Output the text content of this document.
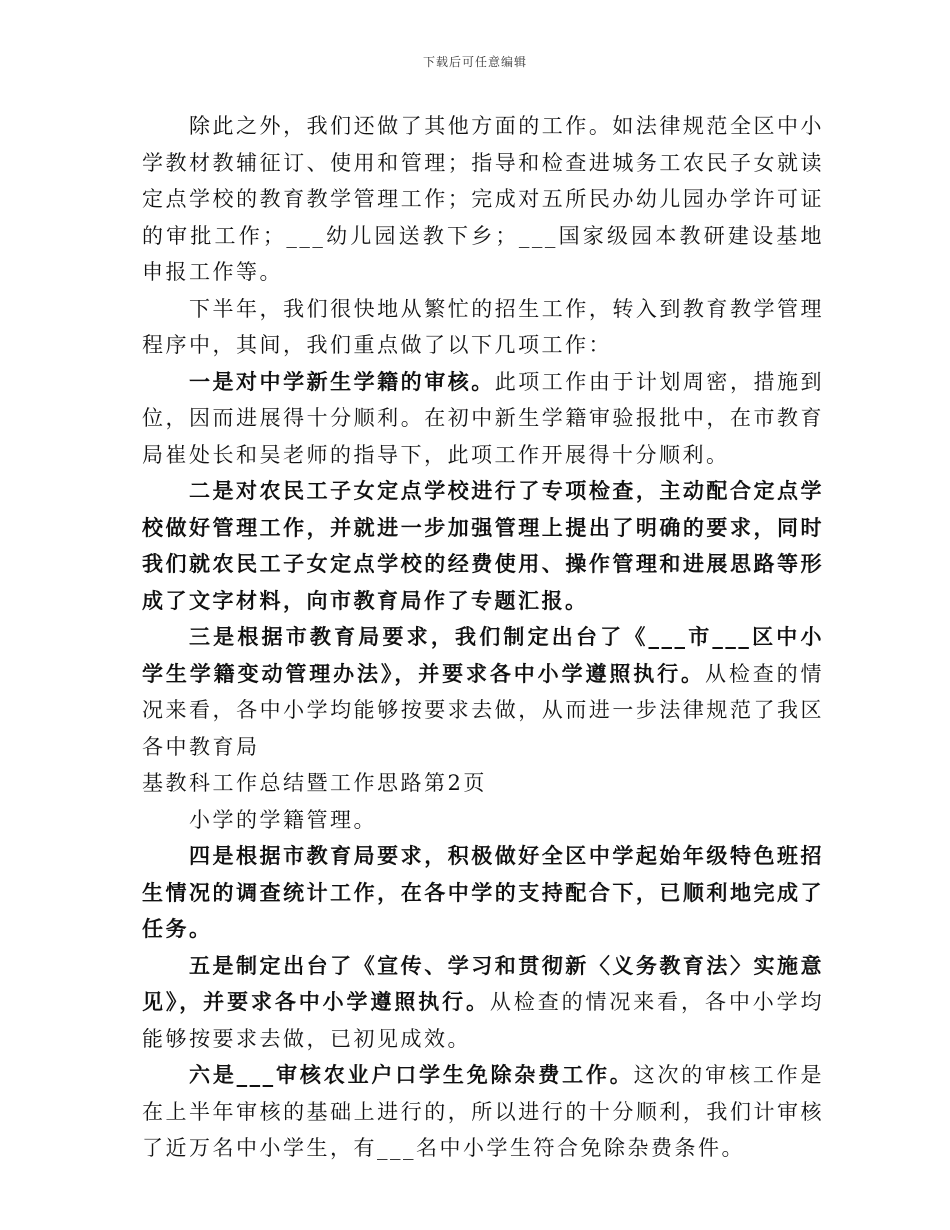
下载后可任意编辑

除此之外，我们还做了其他方面的工作。如法律规范全区中小学教材教辅征订、使用和管理；指导和检查进城务工农民子女就读定点学校的教育教学管理工作；完成对五所民办幼儿园办学许可证的审批工作；___幼儿园送教下乡；___国家级园本教研建设基地申报工作等。

下半年，我们很快地从繁忙的招生工作，转入到教育教学管理程序中，其间，我们重点做了以下几项工作：

一是对中学新生学籍的审核。此项工作由于计划周密，措施到位，因而进展得十分顺利。在初中新生学籍审验报批中，在市教育局崔处长和吴老师的指导下，此项工作开展得十分顺利。

二是对农民工子女定点学校进行了专项检查，主动配合定点学校做好管理工作，并就进一步加强管理上提出了明确的要求，同时我们就农民工子女定点学校的经费使用、操作管理和进展思路等形成了文字材料，向市教育局作了专题汇报。

三是根据市教育局要求，我们制定出台了《___市___区中小学生学籍变动管理办法》，并要求各中小学遵照执行。从检查的情况来看，各中小学均能够按要求去做，从而进一步法律规范了我区各中教育局

基教科工作总结暨工作思路第2页

小学的学籍管理。

四是根据市教育局要求，积极做好全区中学起始年级特色班招生情况的调查统计工作，在各中学的支持配合下，已顺利地完成了任务。

五是制定出台了《宣传、学习和贯彻新〈义务教育法〉实施意见》，并要求各中小学遵照执行。从检查的情况来看，各中小学均能够按要求去做，已初见成效。

六是___审核农业户口学生免除杂费工作。这次的审核工作是在上半年审核的基础上进行的，所以进行的十分顺利，我们计审核了近万名中小学生，有___名中小学生符合免除杂费条件。
